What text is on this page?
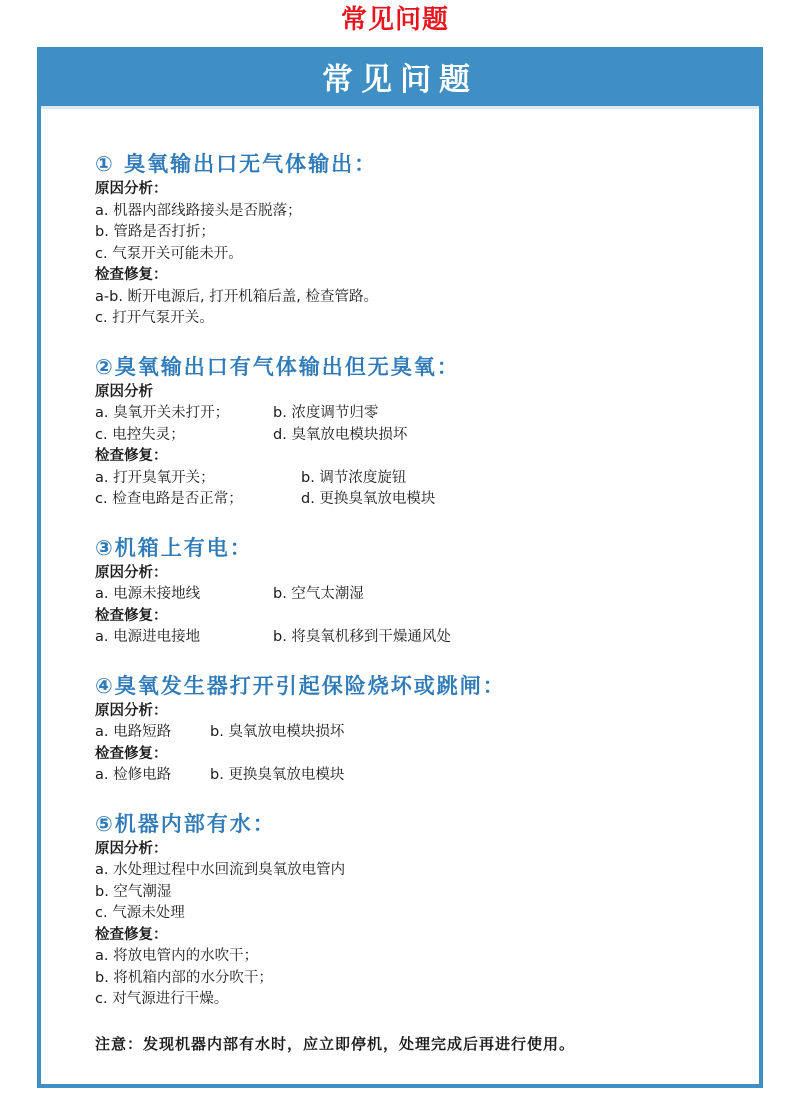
常见问题
常见问题
① 臭氧输出口无气体输出：
原因分析：
a. 机器内部线路接头是否脱落；
b. 管路是否打折；
c. 气泵开关可能未开。
检查修复：
a-b. 断开电源后, 打开机箱后盖, 检查管路。
c. 打开气泵开关。
②臭氧输出口有气体输出但无臭氧：
原因分析
a. 臭氧开关未打开；	b. 浓度调节归零
c. 电控失灵；	d. 臭氧放电模块损坏
检查修复：
a. 打开臭氧开关；	b. 调节浓度旋钮
c. 检查电路是否正常；	d. 更换臭氧放电模块
③机箱上有电：
原因分析：
a. 电源未接地线	b. 空气太潮湿
检查修复：
a. 电源进电接地	b. 将臭氧机移到干燥通风处
④臭氧发生器打开引起保险烧坏或跳闸：
原因分析：
a. 电路短路	b. 臭氧放电模块损坏
检查修复：
a. 检修电路	b. 更换臭氧放电模块
⑤机器内部有水：
原因分析：
a. 水处理过程中水回流到臭氧放电管内
b. 空气潮湿
c. 气源未处理
检查修复：
a. 将放电管内的水吹干；
b. 将机箱内部的水分吹干；
c. 对气源进行干燥。
注意：发现机器内部有水时，应立即停机，处理完成后再进行使用。
